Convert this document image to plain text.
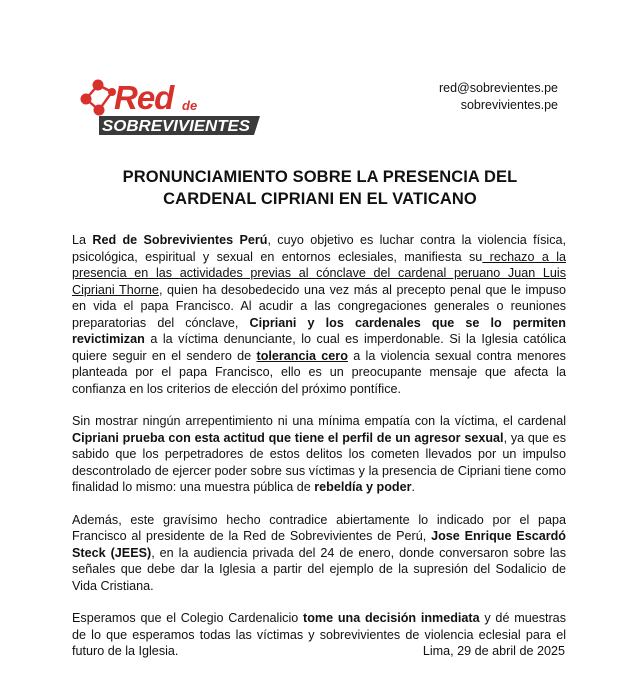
Red de
SOBREVIVIENTES
red@sobrevientes.pe
sobrevivientes.pe
PRONUNCIAMIENTO SOBRE LA PRESENCIA DEL
CARDENAL CIPRIANI EN EL VATICANO

La Red de Sobrevivientes Perú, cuyo objetivo es luchar contra la violencia física, psicológica, espiritual y sexual en entornos eclesiales, manifiesta su rechazo a la presencia en las actividades previas al cónclave del cardenal peruano Juan Luis Cipriani Thorne, quien ha desobedecido una vez más al precepto penal que le impuso en vida el papa Francisco. Al acudir a las congregaciones generales o reuniones preparatorias del cónclave, Cipriani y los cardenales que se lo permiten revictimizan a la víctima denunciante, lo cual es imperdonable. Si la Iglesia católica quiere seguir en el sendero de tolerancia cero a la violencia sexual contra menores planteada por el papa Francisco, ello es un preocupante mensaje que afecta la confianza en los criterios de elección del próximo pontífice.

Sin mostrar ningún arrepentimiento ni una mínima empatía con la víctima, el cardenal Cipriani prueba con esta actitud que tiene el perfil de un agresor sexual, ya que es sabido que los perpetradores de estos delitos los cometen llevados por un impulso descontrolado de ejercer poder sobre sus víctimas y la presencia de Cipriani tiene como finalidad lo mismo: una muestra pública de rebeldía y poder.

Además, este gravísimo hecho contradice abiertamente lo indicado por el papa Francisco al presidente de la Red de Sobrevivientes de Perú, Jose Enrique Escardó Steck (JEES), en la audiencia privada del 24 de enero, donde conversaron sobre las señales que debe dar la Iglesia a partir del ejemplo de la supresión del Sodalicio de Vida Cristiana.

Esperamos que el Colegio Cardenalicio tome una decisión inmediata y dé muestras de lo que esperamos todas las víctimas y sobrevivientes de violencia eclesial para el futuro de la Iglesia.	Lima, 29 de abril de 2025
